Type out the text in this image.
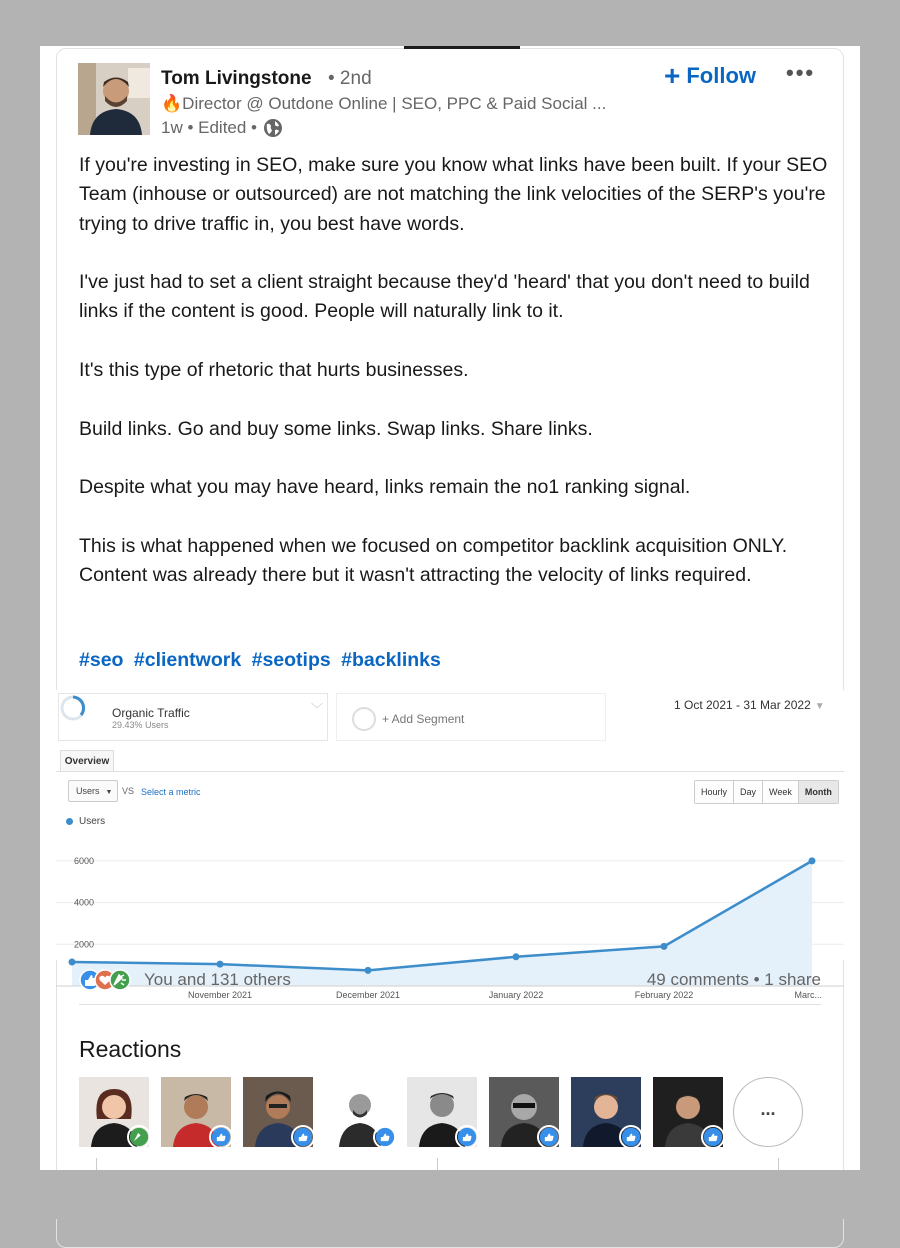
Tom Livingstone • 2nd
🔥Director @ Outdone Online | SEO, PPC & Paid Social ...
1w • Edited •
+ Follow •••

If you're investing in SEO, make sure you know what links have been built. If your SEO Team (inhouse or outsourced) are not matching the link velocities of the SERP's you're trying to drive traffic in, you best have words.

I've just had to set a client straight because they'd 'heard' that you don't need to build links if the content is good. People will naturally link to it.

It's this type of rhetoric that hurts businesses.

Build links. Go and buy some links. Swap links. Share links.

Despite what you may have heard, links remain the no1 ranking signal.

This is what happened when we focused on competitor backlink acquisition ONLY. Content was already there but it wasn't attracting the velocity of links required.

#seo #clientwork #seotips #backlinks
Organic Traffic
29.43% Users
﹀
+ Add Segment
1 Oct 2021 - 31 Mar 2022 ▼
Overview
Users ▼	VS Select a metric	Hourly	Day	Week	Month
Users
6000
4000
2000
November 2021	December 2021	January 2022	February 2022	Marc...
You and 131 others	49 comments • 1 share
Reactions
...
